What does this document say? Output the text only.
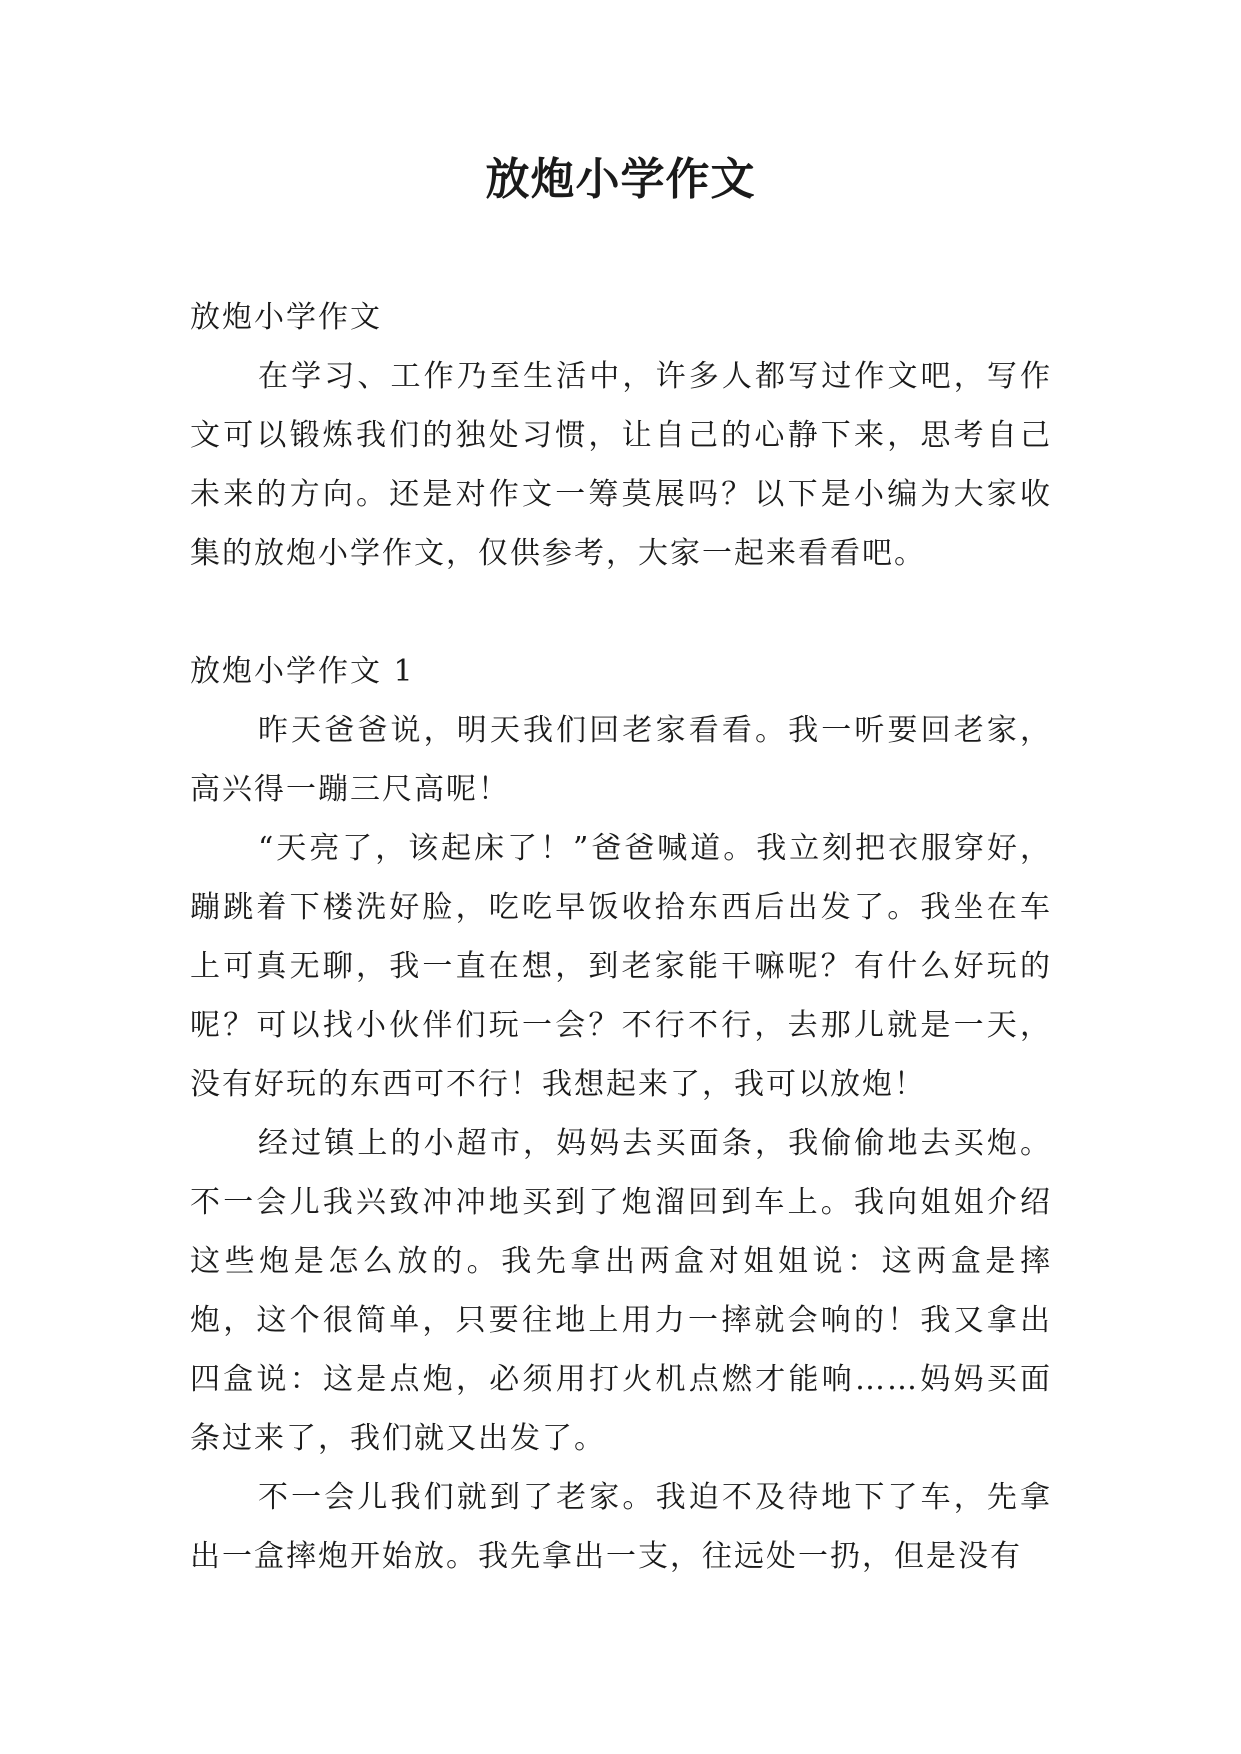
放炮小学作文

放炮小学作文

在学习、工作乃至生活中，许多人都写过作文吧，写作文可以锻炼我们的独处习惯，让自己的心静下来，思考自己未来的方向。还是对作文一筹莫展吗？以下是小编为大家收集的放炮小学作文，仅供参考，大家一起来看看吧。

放炮小学作文 1

昨天爸爸说，明天我们回老家看看。我一听要回老家，高兴得一蹦三尺高呢！

“天亮了，该起床了！”爸爸喊道。我立刻把衣服穿好，蹦跳着下楼洗好脸，吃吃早饭收拾东西后出发了。我坐在车上可真无聊，我一直在想，到老家能干嘛呢？有什么好玩的呢？可以找小伙伴们玩一会？不行不行，去那儿就是一天，没有好玩的东西可不行！我想起来了，我可以放炮！

经过镇上的小超市，妈妈去买面条，我偷偷地去买炮。不一会儿我兴致冲冲地买到了炮溜回到车上。我向姐姐介绍这些炮是怎么放的。我先拿出两盒对姐姐说：这两盒是摔炮，这个很简单，只要往地上用力一摔就会响的！我又拿出四盒说：这是点炮，必须用打火机点燃才能响……妈妈买面条过来了，我们就又出发了。

不一会儿我们就到了老家。我迫不及待地下了车，先拿出一盒摔炮开始放。我先拿出一支，往远处一扔，但是没有
